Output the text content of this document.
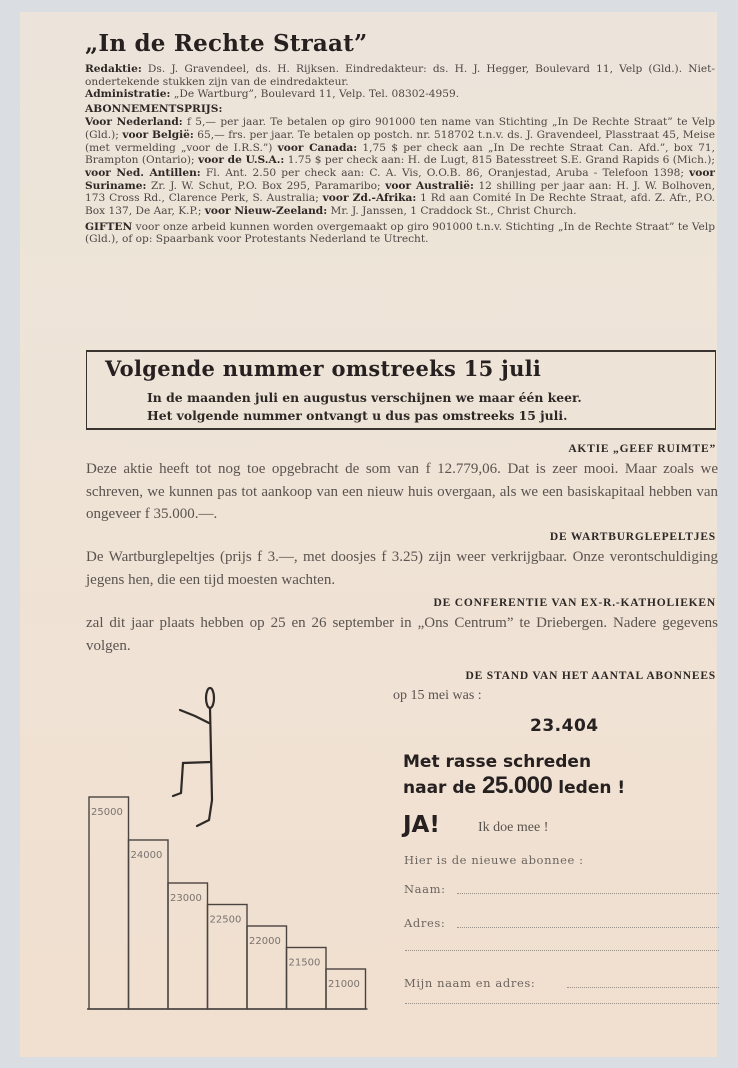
„In de Rechte Straat”

Redaktie: Ds. J. Gravendeel, ds. H. Rijksen. Eindredakteur: ds. H. J. Hegger, Boulevard 11, Velp (Gld.). Niet-ondertekende stukken zijn van de eindredakteur.
Administratie: „De Wartburg”, Boulevard 11, Velp. Tel. 08302-4959.

ABONNEMENTSPRIJS:

Voor Nederland: f 5,— per jaar. Te betalen op giro 901000 ten name van Stichting „In De Rechte Straat” te Velp (Gld.); voor België: 65,— frs. per jaar. Te betalen op postch. nr. 518702 t.n.v. ds. J. Gravendeel, Plasstraat 45, Meise (met vermelding „voor de I.R.S.”) voor Canada: 1,75 $ per check aan „In De rechte Straat Can. Afd.”, box 71, Brampton (Ontario); voor de U.S.A.: 1.75 $ per check aan: H. de Lugt, 815 Batesstreet S.E. Grand Rapids 6 (Mich.); voor Ned. Antillen: Fl. Ant. 2.50 per check aan: C. A. Vis, O.O.B. 86, Oranjestad, Aruba - Telefoon 1398; voor Suriname: Zr. J. W. Schut, P.O. Box 295, Paramaribo; voor Australië: 12 shilling per jaar aan: H. J. W. Bolhoven, 173 Cross Rd., Clarence Perk, S. Australia; voor Zd.-Afrika: 1 Rd aan Comité In De Rechte Straat, afd. Z. Afr., P.O. Box 137, De Aar, K.P.; voor Nieuw-Zeeland: Mr. J. Janssen, 1 Craddock St., Christ Church.

GIFTEN voor onze arbeid kunnen worden overgemaakt op giro 901000 t.n.v. Stichting „In de Rechte Straat” te Velp (Gld.), of op: Spaarbank voor Protestants Nederland te Utrecht.

Volgende nummer omstreeks 15 juli
In de maanden juli en augustus verschijnen we maar één keer.
Het volgende nummer ontvangt u dus pas omstreeks 15 juli.
AKTIE „GEEF RUIMTE”

Deze aktie heeft tot nog toe opgebracht de som van f 12.779,06. Dat is zeer mooi. Maar zoals we schreven, we kunnen pas tot aankoop van een nieuw huis overgaan, als we een basiskapitaal hebben van ongeveer f 35.000.—.

DE WARTBURGLEPELTJES

De Wartburglepeltjes (prijs f 3.—, met doosjes f 3.25) zijn weer verkrijgbaar. Onze verontschuldiging jegens hen, die een tijd moesten wachten.

DE CONFERENTIE VAN EX-R.-KATHOLIEKEN

zal dit jaar plaats hebben op 25 en 26 september in „Ons Centrum” te Driebergen. Nadere gegevens volgen.

DE STAND VAN HET AANTAL ABONNEES
op 15 mei was :
23.404
Met rasse schreden
naar de 25.000 leden !
JA!	Ik doe mee !
Hier is de nieuwe abonnee :
Naam:
Adres:
Mijn naam en adres:
25000
24000
23000
22500
22000
21500
21000
